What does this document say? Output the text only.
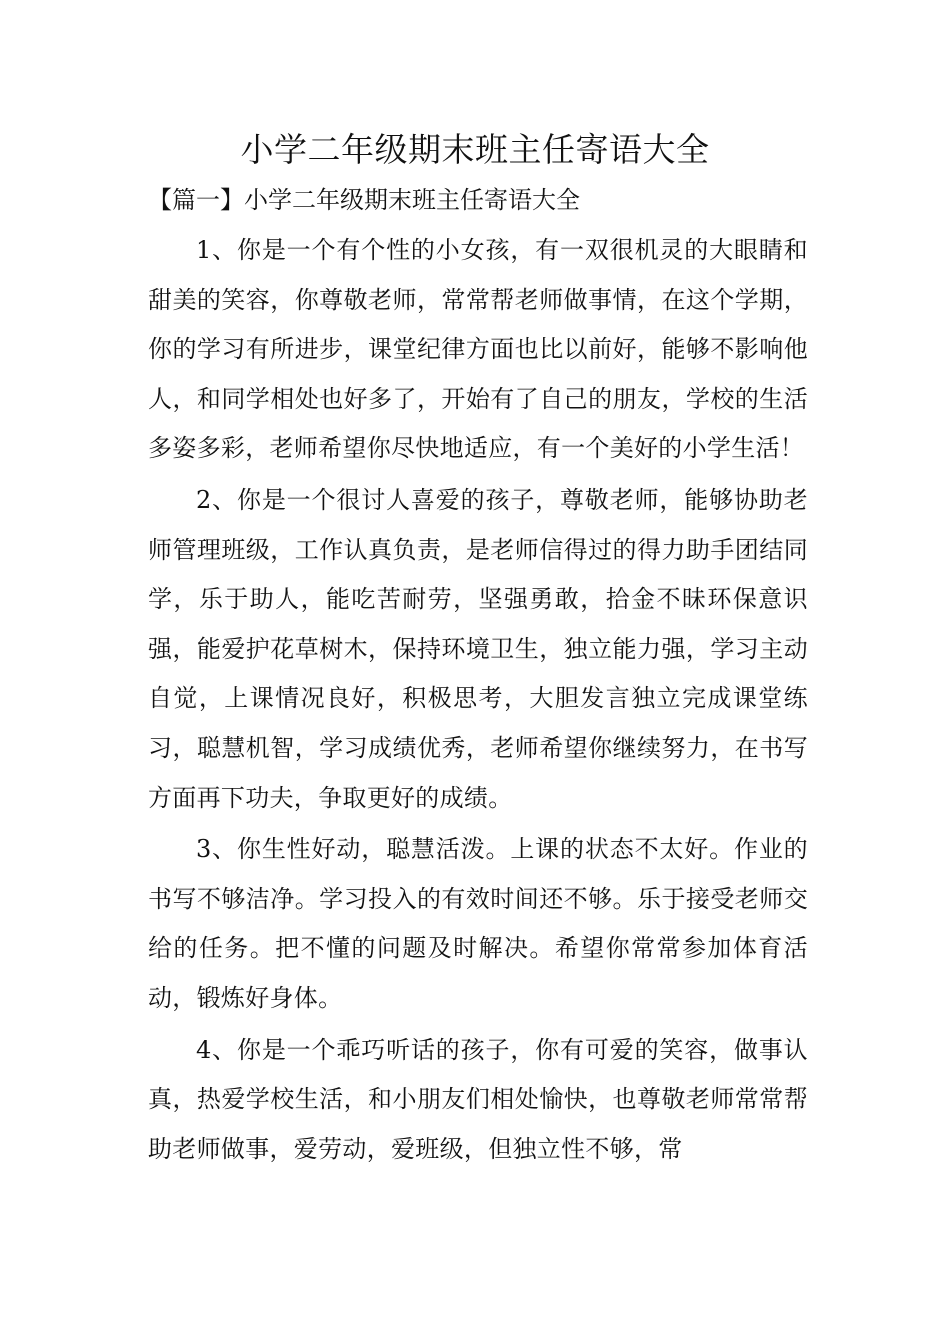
小学二年级期末班主任寄语大全
【篇一】小学二年级期末班主任寄语大全

1、你是一个有个性的小女孩，有一双很机灵的大眼睛和甜美的笑容，你尊敬老师，常常帮老师做事情，在这个学期，你的学习有所进步，课堂纪律方面也比以前好，能够不影响他人，和同学相处也好多了，开始有了自己的朋友，学校的生活多姿多彩，老师希望你尽快地适应，有一个美好的小学生活！

2、你是一个很讨人喜爱的孩子，尊敬老师，能够协助老师管理班级，工作认真负责，是老师信得过的得力助手团结同学，乐于助人，能吃苦耐劳，坚强勇敢，拾金不昧环保意识强，能爱护花草树木，保持环境卫生，独立能力强，学习主动自觉，上课情况良好，积极思考，大胆发言独立完成课堂练习，聪慧机智，学习成绩优秀，老师希望你继续努力，在书写方面再下功夫，争取更好的成绩。

3、你生性好动，聪慧活泼。上课的状态不太好。作业的书写不够洁净。学习投入的有效时间还不够。乐于接受老师交给的任务。把不懂的问题及时解决。希望你常常参加体育活动，锻炼好身体。

4、你是一个乖巧听话的孩子，你有可爱的笑容，做事认真，热爱学校生活，和小朋友们相处愉快，也尊敬老师常常帮助老师做事，爱劳动，爱班级，但独立性不够，常
